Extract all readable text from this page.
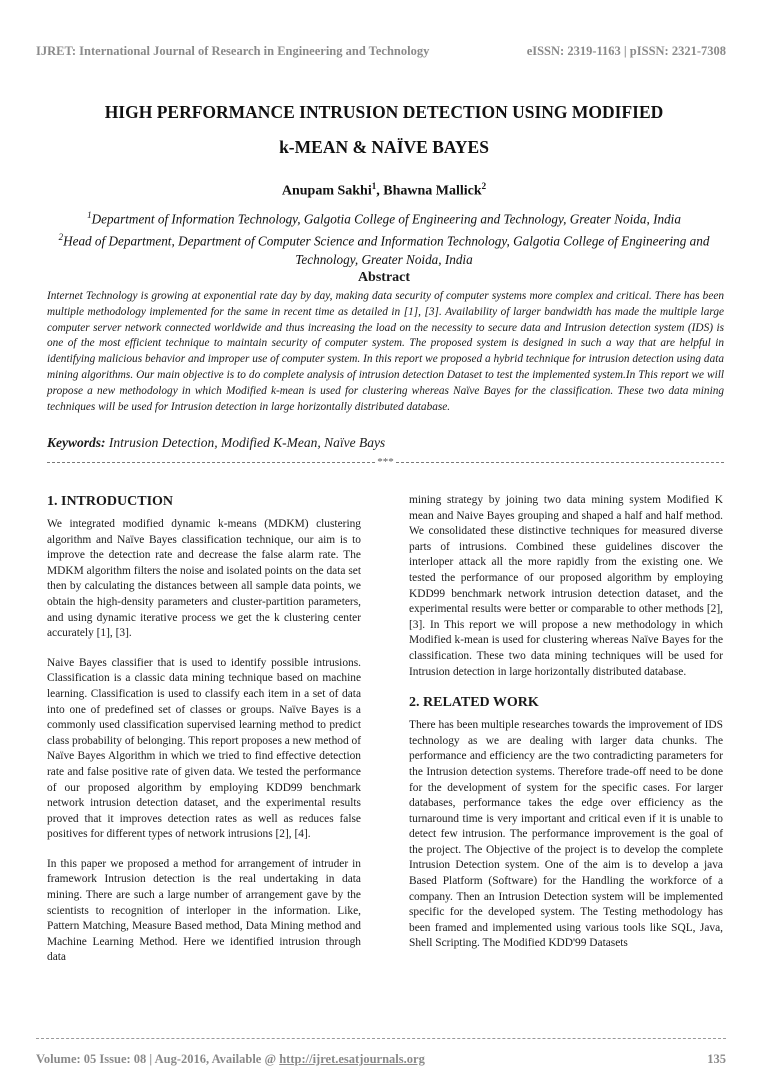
IJRET: International Journal of Research in Engineering and Technology	eISSN: 2319-1163 | pISSN: 2321-7308
HIGH PERFORMANCE INTRUSION DETECTION USING MODIFIED
k-MEAN & NAÏVE BAYES
Anupam Sakhi$^1$, Bhawna Mallick$^2$
$^1$Department of Information Technology, Galgotia College of Engineering and Technology, Greater Noida, India
$^2$Head of Department, Department of Computer Science and Information Technology, Galgotia College of Engineering and Technology, Greater Noida, India
Abstract
Internet Technology is growing at exponential rate day by day, making data security of computer systems more complex and critical. There has been multiple methodology implemented for the same in recent time as detailed in [1], [3]. Availability of larger bandwidth has made the multiple large computer server network connected worldwide and thus increasing the load on the necessity to secure data and Intrusion detection system (IDS) is one of the most efficient technique to maintain security of computer system. The proposed system is designed in such a way that are helpful in identifying malicious behavior and improper use of computer system. In this report we proposed a hybrid technique for intrusion detection using data mining algorithms. Our main objective is to do complete analysis of intrusion detection Dataset to test the implemented system.In This report we will propose a new methodology in which Modified k-mean is used for clustering whereas Naïve Bayes for the classification. These two data mining techniques will be used for Intrusion detection in large horizontally distributed database.
Keywords: Intrusion Detection, Modified K-Mean, Naïve Bays
***
1. INTRODUCTION

We integrated modified dynamic k-means (MDKM) clustering algorithm and Naïve Bayes classification technique, our aim is to improve the detection rate and decrease the false alarm rate. The MDKM algorithm filters the noise and isolated points on the data set then by calculating the distances between all sample data points, we obtain the high-density parameters and cluster-partition parameters, and using dynamic iterative process we get the k clustering center accurately [1], [3].

Naive Bayes classifier that is used to identify possible intrusions. Classification is a classic data mining technique based on machine learning. Classification is used to classify each item in a set of data into one of predefined set of classes or groups. Naïve Bayes is a commonly used classification supervised learning method to predict class probability of belonging. This report proposes a new method of Naïve Bayes Algorithm in which we tried to find effective detection rate and false positive rate of given data. We tested the performance of our proposed algorithm by employing KDD99 benchmark network intrusion detection dataset, and the experimental results proved that it improves detection rates as well as reduces false positives for different types of network intrusions [2], [4].

In this paper we proposed a method for arrangement of intruder in framework Intrusion detection is the real undertaking in data mining. There are such a large number of arrangement gave by the scientists to recognition of interloper in the information. Like, Pattern Matching, Measure Based method, Data Mining method and Machine Learning Method. Here we identified intrusion through data

mining strategy by joining two data mining system Modified K mean and Naive Bayes grouping and shaped a half and half method. We consolidated these distinctive techniques for measured diverse parts of intrusions. Combined these guidelines discover the interloper attack all the more rapidly from the existing one. We tested the performance of our proposed algorithm by employing KDD99 benchmark network intrusion detection dataset, and the experimental results were better or comparable to other methods [2], [3]. In This report we will propose a new methodology in which Modified k-mean is used for clustering whereas Naïve Bayes for the classification. These two data mining techniques will be used for Intrusion detection in large horizontally distributed database.

2. RELATED WORK

There has been multiple researches towards the improvement of IDS technology as we are dealing with larger data chunks. The performance and efficiency are the two contradicting parameters for the Intrusion detection systems. Therefore trade-off need to be done for the development of system for the specific cases. For larger databases, performance takes the edge over efficiency as the turnaround time is very important and critical even if it is unable to detect few intrusion. The performance improvement is the goal of the project. The Objective of the project is to develop the complete Intrusion Detection system. One of the aim is to develop a java Based Platform (Software) for the Handling the workforce of a company. Then an Intrusion Detection system will be implemented specific for the developed system. The Testing methodology has been framed and implemented using various tools like SQL, Java, Shell Scripting. The Modified KDD'99 Datasets

Volume: 05 Issue: 08 | Aug-2016, Available @ http://ijret.esatjournals.org	135
